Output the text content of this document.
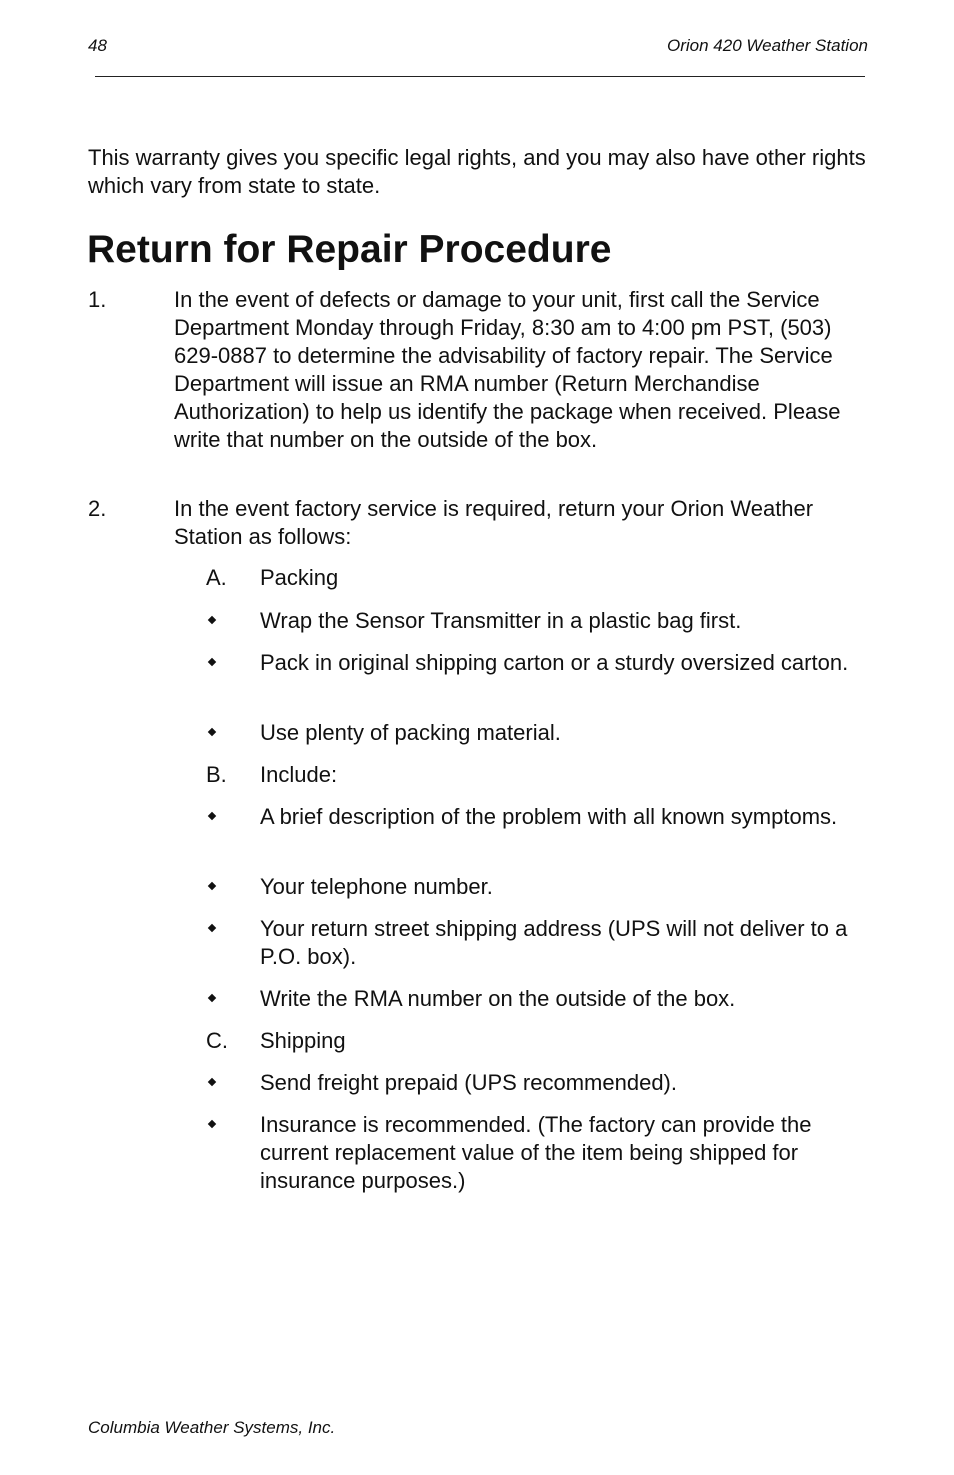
48	Orion 420 Weather Station
This warranty gives you specific legal rights, and you may also have other rights which vary from state to state.
Return for Repair Procedure
1.	In the event of defects or damage to your unit, first call the Service Department Monday through Friday, 8:30 am to 4:00 pm PST, (503) 629-0887 to determine the advisability of factory repair. The Service Department will issue an RMA number (Return Merchandise Authorization) to help us identify the package when received. Please write that number on the outside of the box.
2.	In the event factory service is required, return your Orion Weather Station as follows:
A. Packing
Wrap the Sensor Transmitter in a plastic bag first.
Pack in original shipping carton or a sturdy oversized carton.
Use plenty of packing material.
B. Include:
A brief description of the problem with all known symptoms.
Your telephone number.
Your return street shipping address (UPS will not deliver to a P.O. box).
Write the RMA number on the outside of the box.
C. Shipping
Send freight prepaid (UPS recommended).
Insurance is recommended. (The factory can provide the current replacement value of the item being shipped for insurance purposes.)
Columbia Weather Systems, Inc.
